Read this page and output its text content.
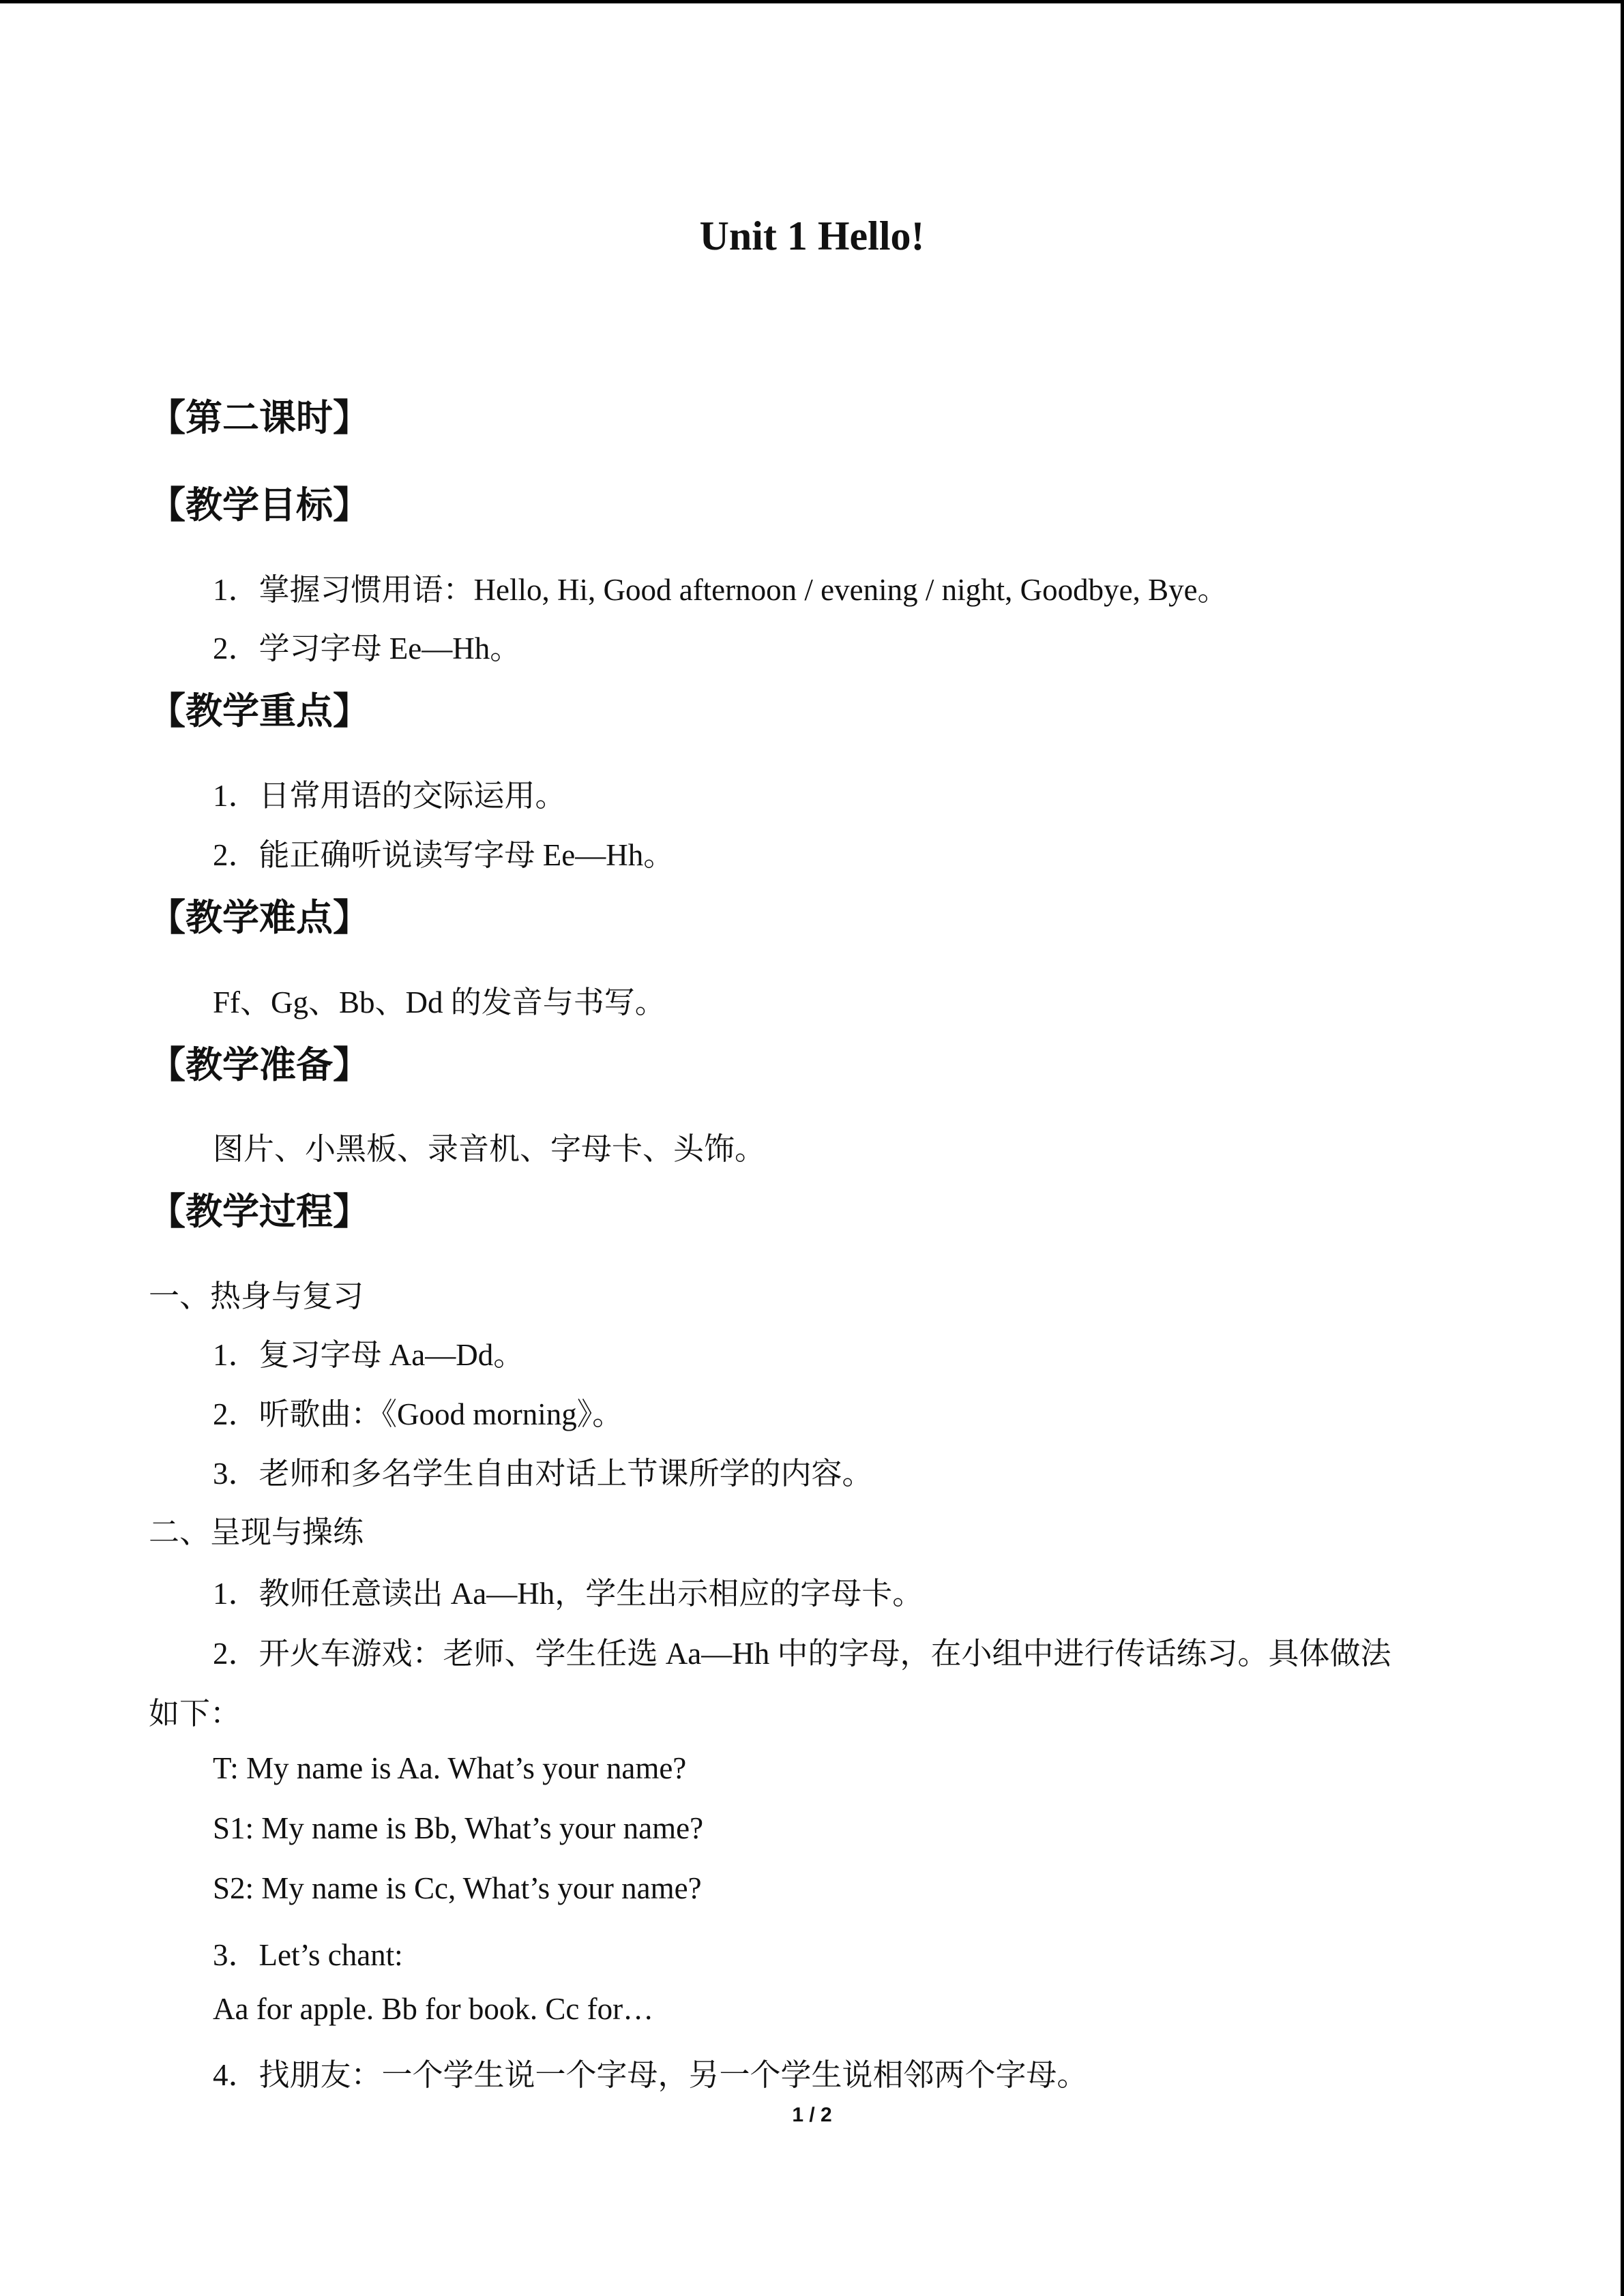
Unit 1 Hello!
【第二课时】
【教学目标】
1．掌握习惯用语：Hello, Hi, Good afternoon / evening / night, Goodbye, Bye。
2．学习字母 Ee—Hh。
【教学重点】
1．日常用语的交际运用。
2．能正确听说读写字母 Ee—Hh。
【教学难点】
Ff、Gg、Bb、Dd 的发音与书写。
【教学准备】
图片、小黑板、录音机、字母卡、头饰。
【教学过程】
一、热身与复习
1．复习字母 Aa—Dd。
2．听歌曲：《Good morning》。
3．老师和多名学生自由对话上节课所学的内容。
二、呈现与操练
1．教师任意读出 Aa—Hh，学生出示相应的字母卡。
2．开火车游戏：老师、学生任选 Aa—Hh 中的字母，在小组中进行传话练习。具体做法
如下：
T: My name is Aa. What’s your name?
S1: My name is Bb, What’s your name?
S2: My name is Cc, What’s your name?
3．Let’s chant:
Aa for apple. Bb for book. Cc for…
4．找朋友：一个学生说一个字母，另一个学生说相邻两个字母。
1 / 2
